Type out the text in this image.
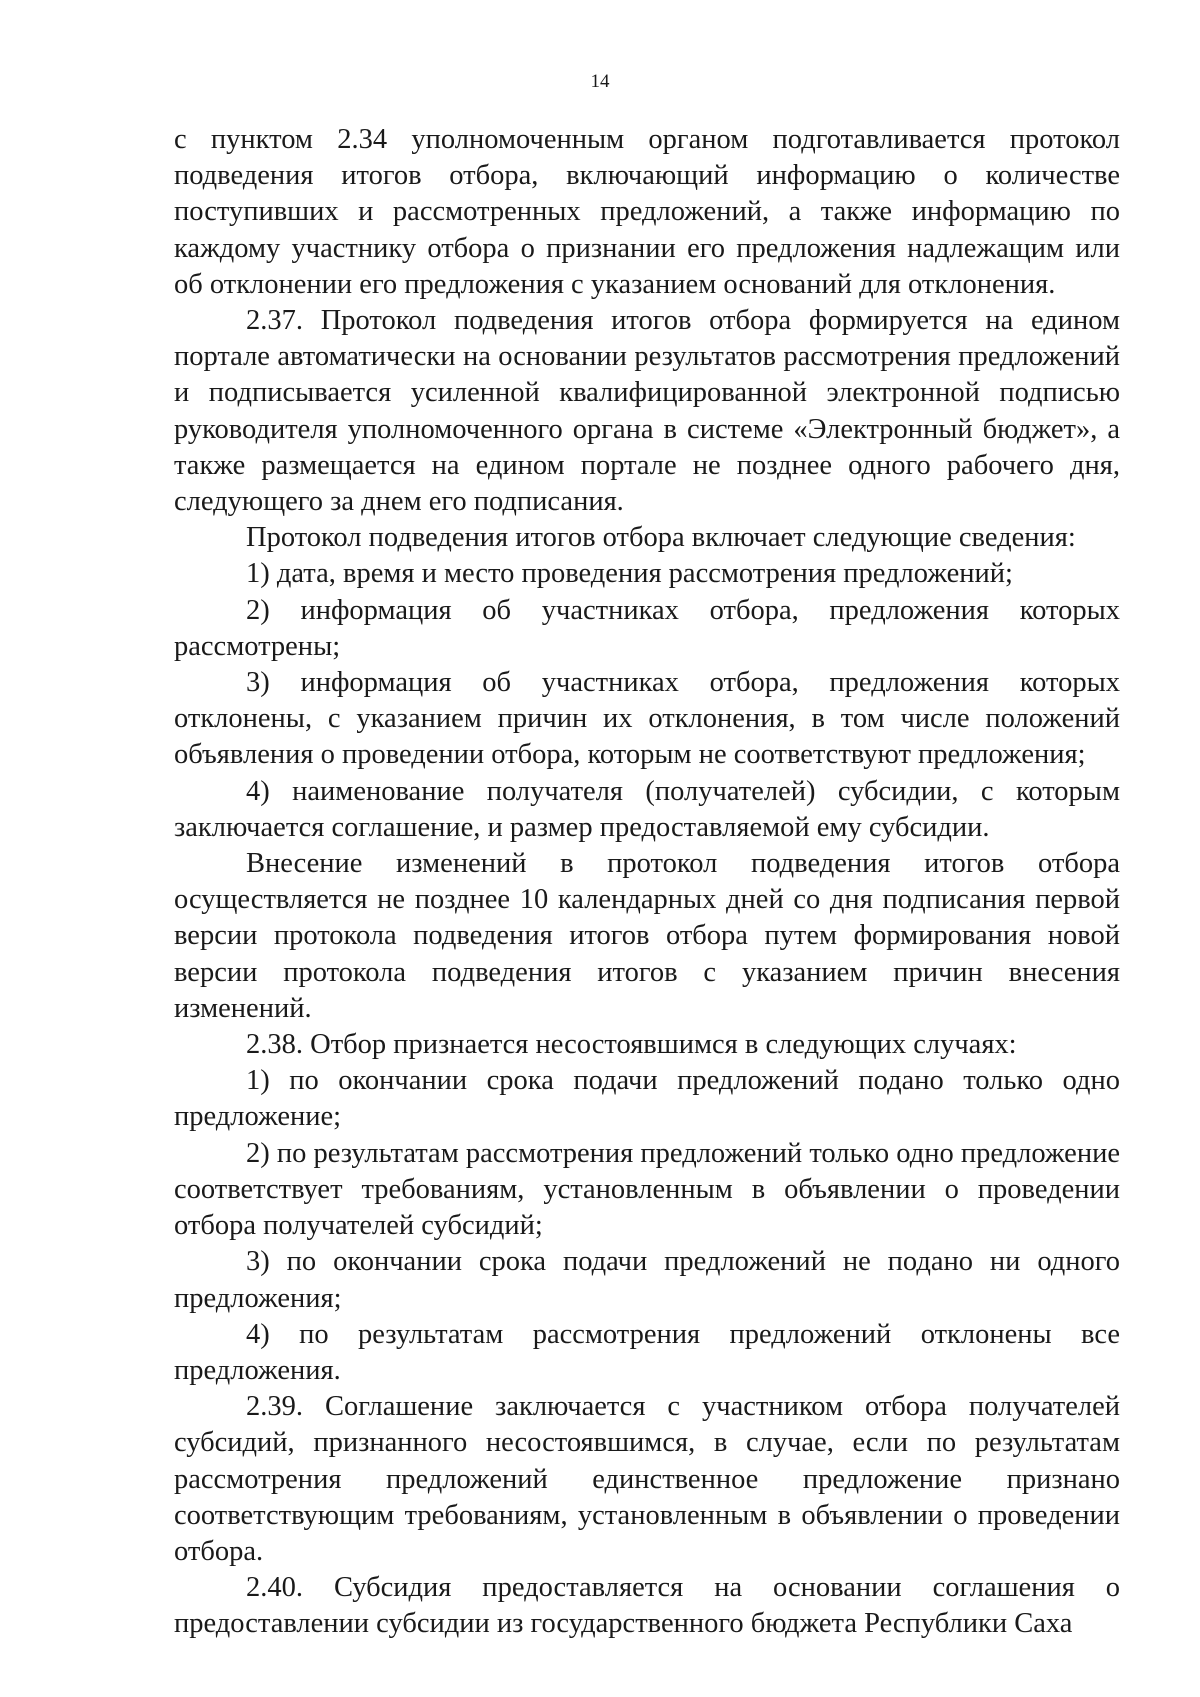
14

с пунктом 2.34 уполномоченным органом подготавливается протокол подведения итогов отбора, включающий информацию о количестве поступивших и рассмотренных предложений, а также информацию по каждому участнику отбора о признании его предложения надлежащим или об отклонении его предложения с указанием оснований для отклонения.

2.37. Протокол подведения итогов отбора формируется на едином портале автоматически на основании результатов рассмотрения предложений и подписывается усиленной квалифицированной электронной подписью руководителя уполномоченного органа в системе «Электронный бюджет», а также размещается на едином портале не позднее одного рабочего дня, следующего за днем его подписания.

Протокол подведения итогов отбора включает следующие сведения:

1) дата, время и место проведения рассмотрения предложений;

2) информация об участниках отбора, предложения которых рассмотрены;

3) информация об участниках отбора, предложения которых отклонены, с указанием причин их отклонения, в том числе положений объявления о проведении отбора, которым не соответствуют предложения;

4) наименование получателя (получателей) субсидии, с которым заключается соглашение, и размер предоставляемой ему субсидии.

Внесение изменений в протокол подведения итогов отбора осуществляется не позднее 10 календарных дней со дня подписания первой версии протокола подведения итогов отбора путем формирования новой версии протокола подведения итогов с указанием причин внесения изменений.

2.38. Отбор признается несостоявшимся в следующих случаях:

1) по окончании срока подачи предложений подано только одно предложение;

2) по результатам рассмотрения предложений только одно предложение соответствует требованиям, установленным в объявлении о проведении отбора получателей субсидий;

3) по окончании срока подачи предложений не подано ни одного предложения;

4) по результатам рассмотрения предложений отклонены все предложения.

2.39. Соглашение заключается с участником отбора получателей субсидий, признанного несостоявшимся, в случае, если по результатам рассмотрения предложений единственное предложение признано соответствующим требованиям, установленным в объявлении о проведении отбора.

2.40. Субсидия предоставляется на основании соглашения о предоставлении субсидии из государственного бюджета Республики Саха
